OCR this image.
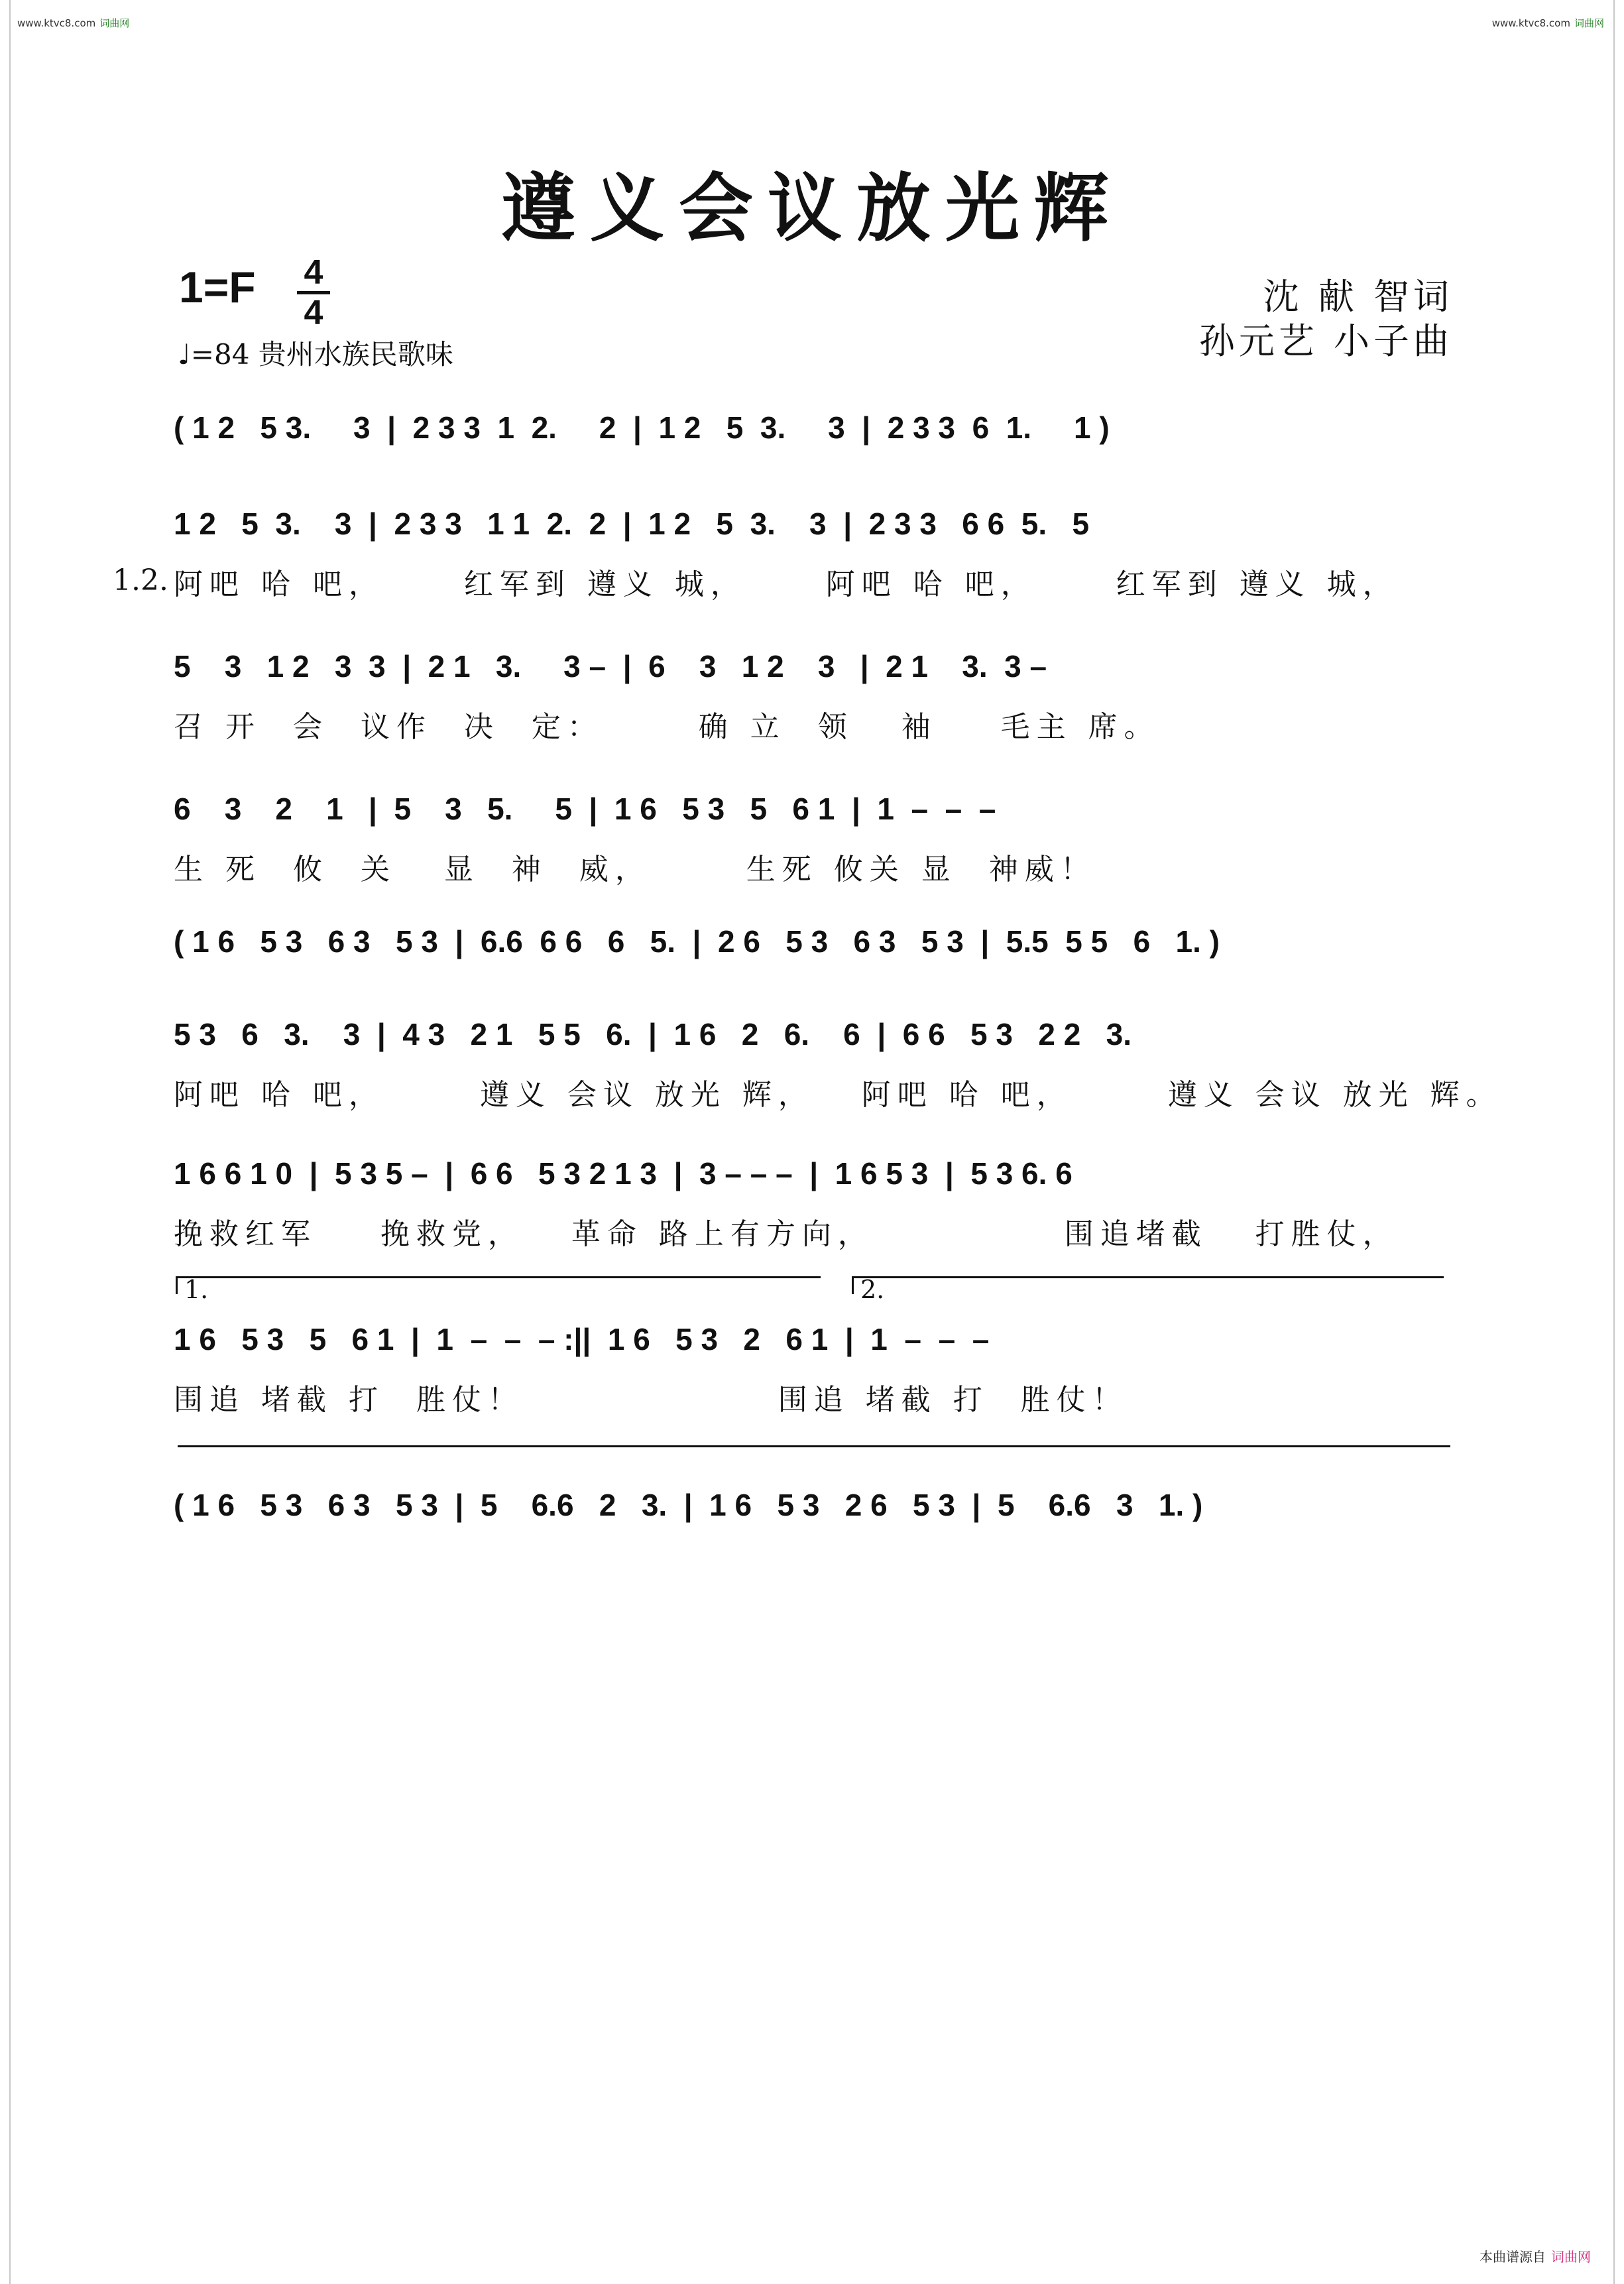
www.ktvc8.com 词曲网	www.ktvc8.com 词曲网
遵义会议放光辉
1=F 4
4
♩=84 贵州水族民歌味
沈 献 智词
孙元艺 小子曲
( 1 2   5 3.     3  |  2 3 3  1  2.     2  |  1 2   5  3.     3  |  2 3 3  6  1.     1 )
1 2   5  3.    3  |  2 3 3   1 1  2.  2  |  1 2   5  3.    3  |  2 3 3   6 6  5.   5
阿吧 哈 吧，     红军到 遵义 城，     阿吧 哈 吧，     红军到 遵义 城，
1.2.
5    3   1 2   3  3  |  2 1   3.     3 –  |  6    3   1 2    3   |  2 1    3.  3 –
召 开  会  议作  决  定：      确 立  领   袖    毛主 席。
6    3    2    1   |  5    3   5.     5  |  1 6   5 3   5   6 1  |  1  –  –  –
生 死  攸  关   显  神  威，      生死 攸关 显  神威！
( 1 6   5 3   6 3   5 3  |  6.6  6 6   6   5.  |  2 6   5 3   6 3   5 3  |  5.5  5 5   6   1. )
5 3   6   3.    3  |  4 3   2 1   5 5   6.  |  1 6   2   6.    6  |  6 6   5 3   2 2   3.
阿吧 哈 吧，      遵义 会议 放光 辉，   阿吧 哈 吧，      遵义 会议 放光 辉。
1 6 6 1 0  |  5 3 5 –  |  6 6   5 3 2 1 3  |  3 – – –  |  1 6 5 3  |  5 3 6. 6
挽救红军    挽救党，   革命 路上有方向，            围追堵截   打胜仗，
1.	2.
1 6   5 3   5   6 1  |  1  –  –  – :||  1 6   5 3   2   6 1  |  1  –  –  –
围追 堵截 打  胜仗！                围追 堵截 打  胜仗！
( 1 6   5 3   6 3   5 3  |  5    6.6   2   3.  |  1 6   5 3   2 6   5 3  |  5    6.6   3   1. )
本曲谱源自 词曲网
